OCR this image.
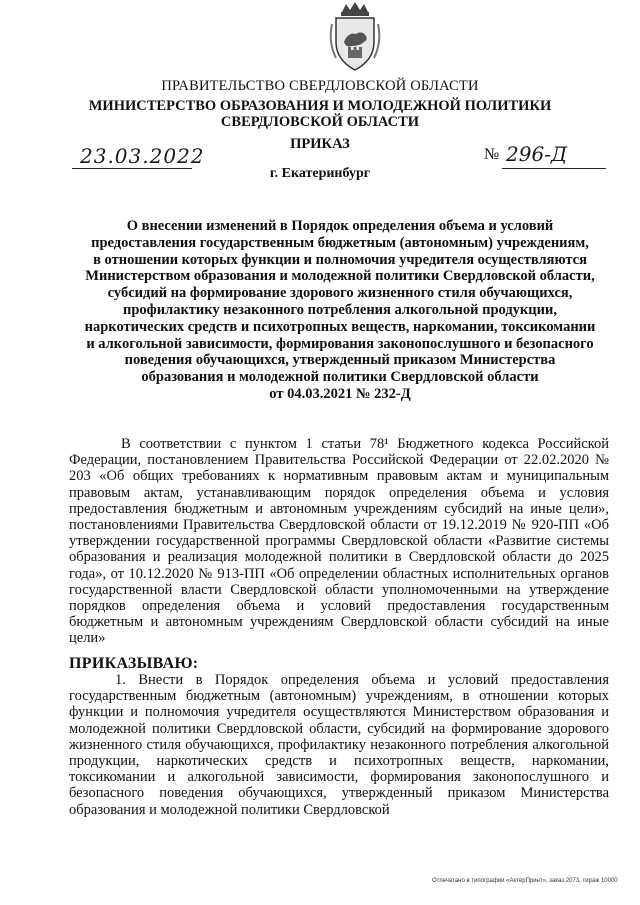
ПРАВИТЕЛЬСТВО СВЕРДЛОВСКОЙ ОБЛАСТИ
МИНИСТЕРСТВО ОБРАЗОВАНИЯ И МОЛОДЕЖНОЙ ПОЛИТИКИ
СВЕРДЛОВСКОЙ ОБЛАСТИ
ПРИКАЗ
23.03.2022	№ 296-Д
г. Екатеринбург
О внесении изменений в Порядок определения объема и условий
предоставления государственным бюджетным (автономным) учреждениям,
в отношении которых функции и полномочия учредителя осуществляются
Министерством образования и молодежной политики Свердловской области,
субсидий на формирование здорового жизненного стиля обучающихся,
профилактику незаконного потребления алкогольной продукции,
наркотических средств и психотропных веществ, наркомании, токсикомании
и алкогольной зависимости, формирования законопослушного и безопасного
поведения обучающихся, утвержденный приказом Министерства
образования и молодежной политики Свердловской области
от 04.03.2021 № 232-Д

В соответствии с пунктом 1 статьи 78¹ Бюджетного кодекса Российской Федерации, постановлением Правительства Российской Федерации от 22.02.2020 № 203 «Об общих требованиях к нормативным правовым актам и муниципальным правовым актам, устанавливающим порядок определения объема и условия предоставления бюджетным и автономным учреждениям субсидий на иные цели», постановлениями Правительства Свердловской области от 19.12.2019 № 920-ПП «Об утверждении государственной программы Свердловской области «Развитие системы образования и реализация молодежной политики в Свердловской области до 2025 года», от 10.12.2020 № 913-ПП «Об определении областных исполнительных органов государственной власти Свердловской области уполномоченными на утверждение порядков определения объема и условий предоставления государственным бюджетным и автономным учреждениям Свердловской области субсидий на иные цели»

ПРИКАЗЫВАЮ:
1. Внести в Порядок определения объема и условий предоставления государственным бюджетным (автономным) учреждениям, в отношении которых функции и полномочия учредителя осуществляются Министерством образования и молодежной политики Свердловской области, субсидий на формирование здорового жизненного стиля обучающихся, профилактику незаконного потребления алкогольной продукции, наркотических средств и психотропных веществ, наркомании, токсикомании и алкогольной зависимости, формирования законопослушного и безопасного поведения обучающихся, утвержденный приказом Министерства образования и молодежной политики Свердловской
Отпечатано в типографии «АктерПринт», заказ 2073, тираж 10000
